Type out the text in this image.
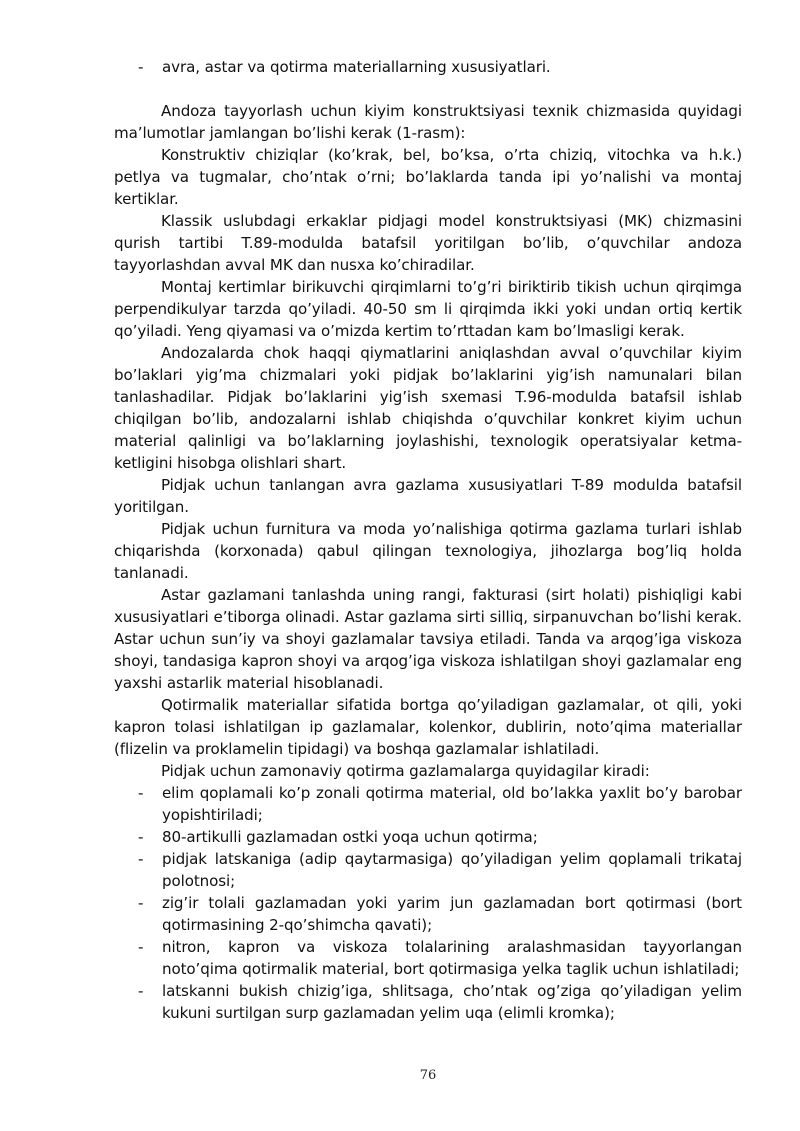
- avra, astar va qotirma materiallarning xususiyatlari.

Andoza tayyorlash uchun kiyim konstruktsiyasi texnik chizmasida quyidagi ma’lumotlar jamlangan bo’lishi kerak (1-rasm):

Konstruktiv chiziqlar (ko’krak, bel, bo’ksa, o’rta chiziq, vitochka va h.k.) petlya va tugmalar, cho’ntak o’rni; bo’laklarda tanda ipi yo’nalishi va montaj kertiklar.

Klassik uslubdagi erkaklar pidjagi model konstruktsiyasi (MK) chizmasini qurish tartibi T.89-modulda batafsil yoritilgan bo’lib, o’quvchilar andoza tayyorlashdan avval MK dan nusxa ko’chiradilar.

Montaj kertimlar birikuvchi qirqimlarni to’g’ri biriktirib tikish uchun qirqimga perpendikulyar tarzda qo’yiladi. 40-50 sm li qirqimda ikki yoki undan ortiq kertik qo’yiladi. Yeng qiyamasi va o’mizda kertim to’rttadan kam bo’lmasligi kerak.

Andozalarda chok haqqi qiymatlarini aniqlashdan avval o’quvchilar kiyim bo’laklari yig’ma chizmalari yoki pidjak bo’laklarini yig’ish namunalari bilan tanlashadilar. Pidjak bo’laklarini yig’ish sxemasi T.96-modulda batafsil ishlab chiqilgan bo’lib, andozalarni ishlab chiqishda o’quvchilar konkret kiyim uchun material qalinligi va bo’laklarning joylashishi, texnologik operatsiyalar ketma-ketligini hisobga olishlari shart.

Pidjak uchun tanlangan avra gazlama xususiyatlari T-89 modulda batafsil yoritilgan.

Pidjak uchun furnitura va moda yo’nalishiga qotirma gazlama turlari ishlab chiqarishda (korxonada) qabul qilingan texnologiya, jihozlarga bog’liq holda tanlanadi.

Astar gazlamani tanlashda uning rangi, fakturasi (sirt holati) pishiqligi kabi xususiyatlari e’tiborga olinadi. Astar gazlama sirti silliq, sirpanuvchan bo’lishi kerak. Astar uchun sun’iy va shoyi gazlamalar tavsiya etiladi. Tanda va arqog’iga viskoza shoyi, tandasiga kapron shoyi va arqog’iga viskoza ishlatilgan shoyi gazlamalar eng yaxshi astarlik material hisoblanadi.

Qotirmalik materiallar sifatida bortga qo’yiladigan gazlamalar, ot qili, yoki kapron tolasi ishlatilgan ip gazlamalar, kolenkor, dublirin, noto’qima materiallar (flizelin va proklamelin tipidagi) va boshqa gazlamalar ishlatiladi.

Pidjak uchun zamonaviy qotirma gazlamalarga quyidagilar kiradi:

- elim qoplamali ko’p zonali qotirma material, old bo’lakka yaxlit bo’y barobar yopishtiriladi;
- 80-artikulli gazlamadan ostki yoqa uchun qotirma;
- pidjak latskaniga (adip qaytarmasiga) qo’yiladigan yelim qoplamali trikataj polotnosi;
- zig’ir tolali gazlamadan yoki yarim jun gazlamadan bort qotirmasi (bort qotirmasining 2-qo’shimcha qavati);
- nitron, kapron va viskoza tolalarining aralashmasidan tayyorlangan noto’qima qotirmalik material, bort qotirmasiga yelka taglik uchun ishlatiladi;
- latskanni bukish chizig’iga, shlitsaga, cho’ntak og’ziga qo’yiladigan yelim kukuni surtilgan surp gazlamadan yelim uqa (elimli kromka);
76
